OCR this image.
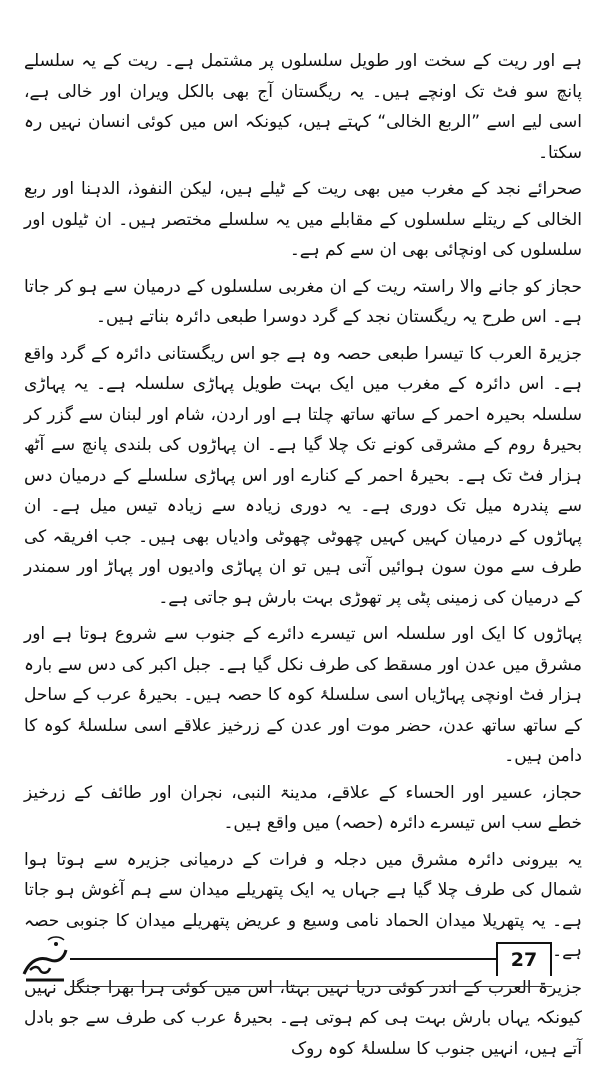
ہے اور ریت کے سخت اور طویل سلسلوں پر مشتمل ہے۔ ریت کے یہ سلسلے پانچ سو فٹ تک اونچے ہیں۔ یہ ریگستان آج بھی بالکل ویران اور خالی ہے، اسی لیے اسے ”الربع الخالی“ کہتے ہیں، کیونکہ اس میں کوئی انسان نہیں رہ سکتا۔

صحرائے نجد کے مغرب میں بھی ریت کے ٹیلے ہیں، لیکن النفوذ، الدہنا اور ربع الخالی کے ریتلے سلسلوں کے مقابلے میں یہ سلسلے مختصر ہیں۔ ان ٹیلوں اور سلسلوں کی اونچائی بھی ان سے کم ہے۔

حجاز کو جانے والا راستہ ریت کے ان مغربی سلسلوں کے درمیان سے ہو کر جاتا ہے۔ اس طرح یہ ریگستان نجد کے گرد دوسرا طبعی دائرہ بناتے ہیں۔

جزیرۃ العرب کا تیسرا طبعی حصہ وہ ہے جو اس ریگستانی دائرہ کے گرد واقع ہے۔ اس دائرہ کے مغرب میں ایک بہت طویل پہاڑی سلسلہ ہے۔ یہ پہاڑی سلسلہ بحیرہ احمر کے ساتھ ساتھ چلتا ہے اور اردن، شام اور لبنان سے گزر کر بحیرۂ روم کے مشرقی کونے تک چلا گیا ہے۔ ان پہاڑوں کی بلندی پانچ سے آٹھ ہزار فٹ تک ہے۔ بحیرۂ احمر کے کنارے اور اس پہاڑی سلسلے کے درمیان دس سے پندرہ میل تک دوری ہے۔ یہ دوری زیادہ سے زیادہ تیس میل ہے۔ ان پہاڑوں کے درمیان کہیں کہیں چھوٹی چھوٹی وادیاں بھی ہیں۔ جب افریقہ کی طرف سے مون سون ہوائیں آتی ہیں تو ان پہاڑی وادیوں اور پہاڑ اور سمندر کے درمیان کی زمینی پٹی پر تھوڑی بہت بارش ہو جاتی ہے۔

پہاڑوں کا ایک اور سلسلہ اس تیسرے دائرے کے جنوب سے شروع ہوتا ہے اور مشرق میں عدن اور مسقط کی طرف نکل گیا ہے۔ جبل اکبر کی دس سے بارہ ہزار فٹ اونچی پہاڑیاں اسی سلسلۂ کوہ کا حصہ ہیں۔ بحیرۂ عرب کے ساحل کے ساتھ ساتھ عدن، حضر موت اور عدن کے زرخیز علاقے اسی سلسلۂ کوہ کا دامن ہیں۔

حجاز، عسیر اور الحساء کے علاقے، مدینۃ النبی، نجران اور طائف کے زرخیز خطے سب اس تیسرے دائرہ (حصہ) میں واقع ہیں۔

یہ بیرونی دائرہ مشرق میں دجلہ و فرات کے درمیانی جزیرہ سے ہوتا ہوا شمال کی طرف چلا گیا ہے جہاں یہ ایک پتھریلے میدان سے ہم آغوش ہو جاتا ہے۔ یہ پتھریلا میدان الحماد نامی وسیع و عریض پتھریلے میدان کا جنوبی حصہ ہے۔

جزیرۃ العرب کے اندر کوئی دریا نہیں بہتا، اس میں کوئی ہرا بھرا جنگل نہیں کیونکہ یہاں بارش بہت ہی کم ہوتی ہے۔ بحیرۂ عرب کی طرف سے جو بادل آتے ہیں، انہیں جنوب کا سلسلۂ کوہ روک

27
